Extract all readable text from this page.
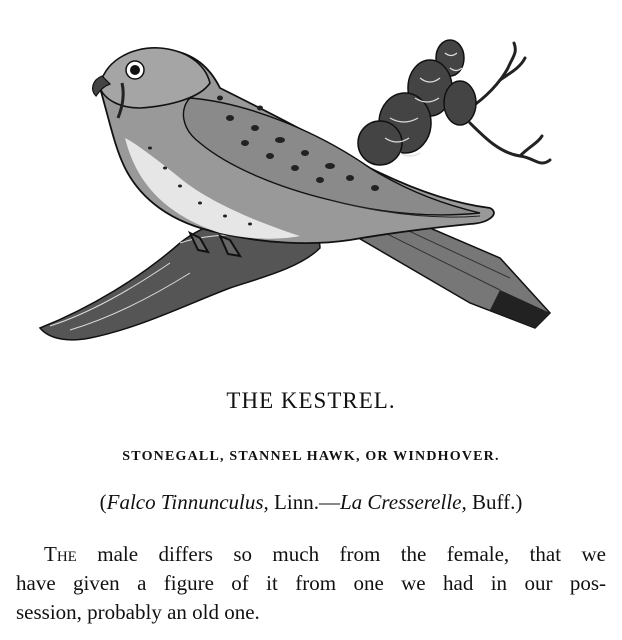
THE KESTREL.
STONEGALL, STANNEL HAWK, OR WINDHOVER.
(Falco Tinnunculus, Linn.—La Cresserelle, Buff.)
The male differs so much from the female, that we
have given a figure of it from one we had in our pos-
session, probably an old one.
